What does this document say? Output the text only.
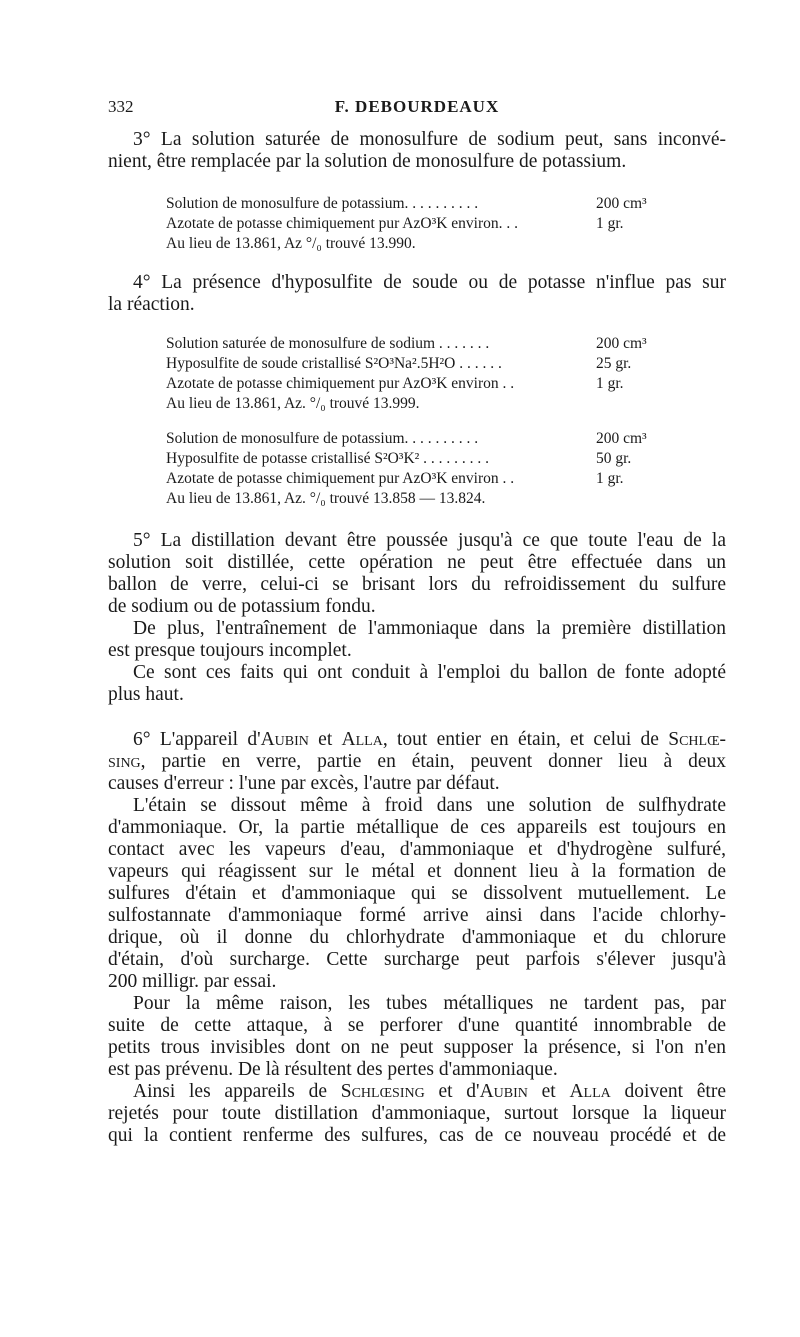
332	F. DEBOURDEAUX
3° La solution saturée de monosulfure de sodium peut, sans inconvé-
nient, être remplacée par la solution de monosulfure de potassium.
Solution de monosulfure de potassium. . . . . . . . . .	200 cm³
Azotate de potasse chimiquement pur AzO³K environ. . .	1 gr.
Au lieu de 13.861, Az °/₀ trouvé 13.990.
4° La présence d'hyposulfite de soude ou de potasse n'influe pas sur
la réaction.
Solution saturée de monosulfure de sodium . . . . . . .	200 cm³
Hyposulfite de soude cristallisé S²O³Na².5H²O . . . . . .	25 gr.
Azotate de potasse chimiquement pur AzO³K environ . .	1 gr.
Au lieu de 13.861, Az. °/₀ trouvé 13.999.
Solution de monosulfure de potassium. . . . . . . . . .	200 cm³
Hyposulfite de potasse cristallisé S²O³K² . . . . . . . . .	50 gr.
Azotate de potasse chimiquement pur AzO³K environ . .	1 gr.
Au lieu de 13.861, Az. °/₀ trouvé 13.858 — 13.824.
5° La distillation devant être poussée jusqu'à ce que toute l'eau de la
solution soit distillée, cette opération ne peut être effectuée dans un
ballon de verre, celui-ci se brisant lors du refroidissement du sulfure
de sodium ou de potassium fondu.
De plus, l'entraînement de l'ammoniaque dans la première distillation
est presque toujours incomplet.
Ce sont ces faits qui ont conduit à l'emploi du ballon de fonte adopté
plus haut.
6° L'appareil d'Aubin et Alla, tout entier en étain, et celui de Schlœ-
sing, partie en verre, partie en étain, peuvent donner lieu à deux
causes d'erreur : l'une par excès, l'autre par défaut.
L'étain se dissout même à froid dans une solution de sulfhydrate
d'ammoniaque. Or, la partie métallique de ces appareils est toujours en
contact avec les vapeurs d'eau, d'ammoniaque et d'hydrogène sulfuré,
vapeurs qui réagissent sur le métal et donnent lieu à la formation de
sulfures d'étain et d'ammoniaque qui se dissolvent mutuellement. Le
sulfostannate d'ammoniaque formé arrive ainsi dans l'acide chlorhy-
drique, où il donne du chlorhydrate d'ammoniaque et du chlorure
d'étain, d'où surcharge. Cette surcharge peut parfois s'élever jusqu'à
200 milligr. par essai.
Pour la même raison, les tubes métalliques ne tardent pas, par
suite de cette attaque, à se perforer d'une quantité innombrable de
petits trous invisibles dont on ne peut supposer la présence, si l'on n'en
est pas prévenu. De là résultent des pertes d'ammoniaque.
Ainsi les appareils de Schlœsing et d'Aubin et Alla doivent être
rejetés pour toute distillation d'ammoniaque, surtout lorsque la liqueur
qui la contient renferme des sulfures, cas de ce nouveau procédé et de
